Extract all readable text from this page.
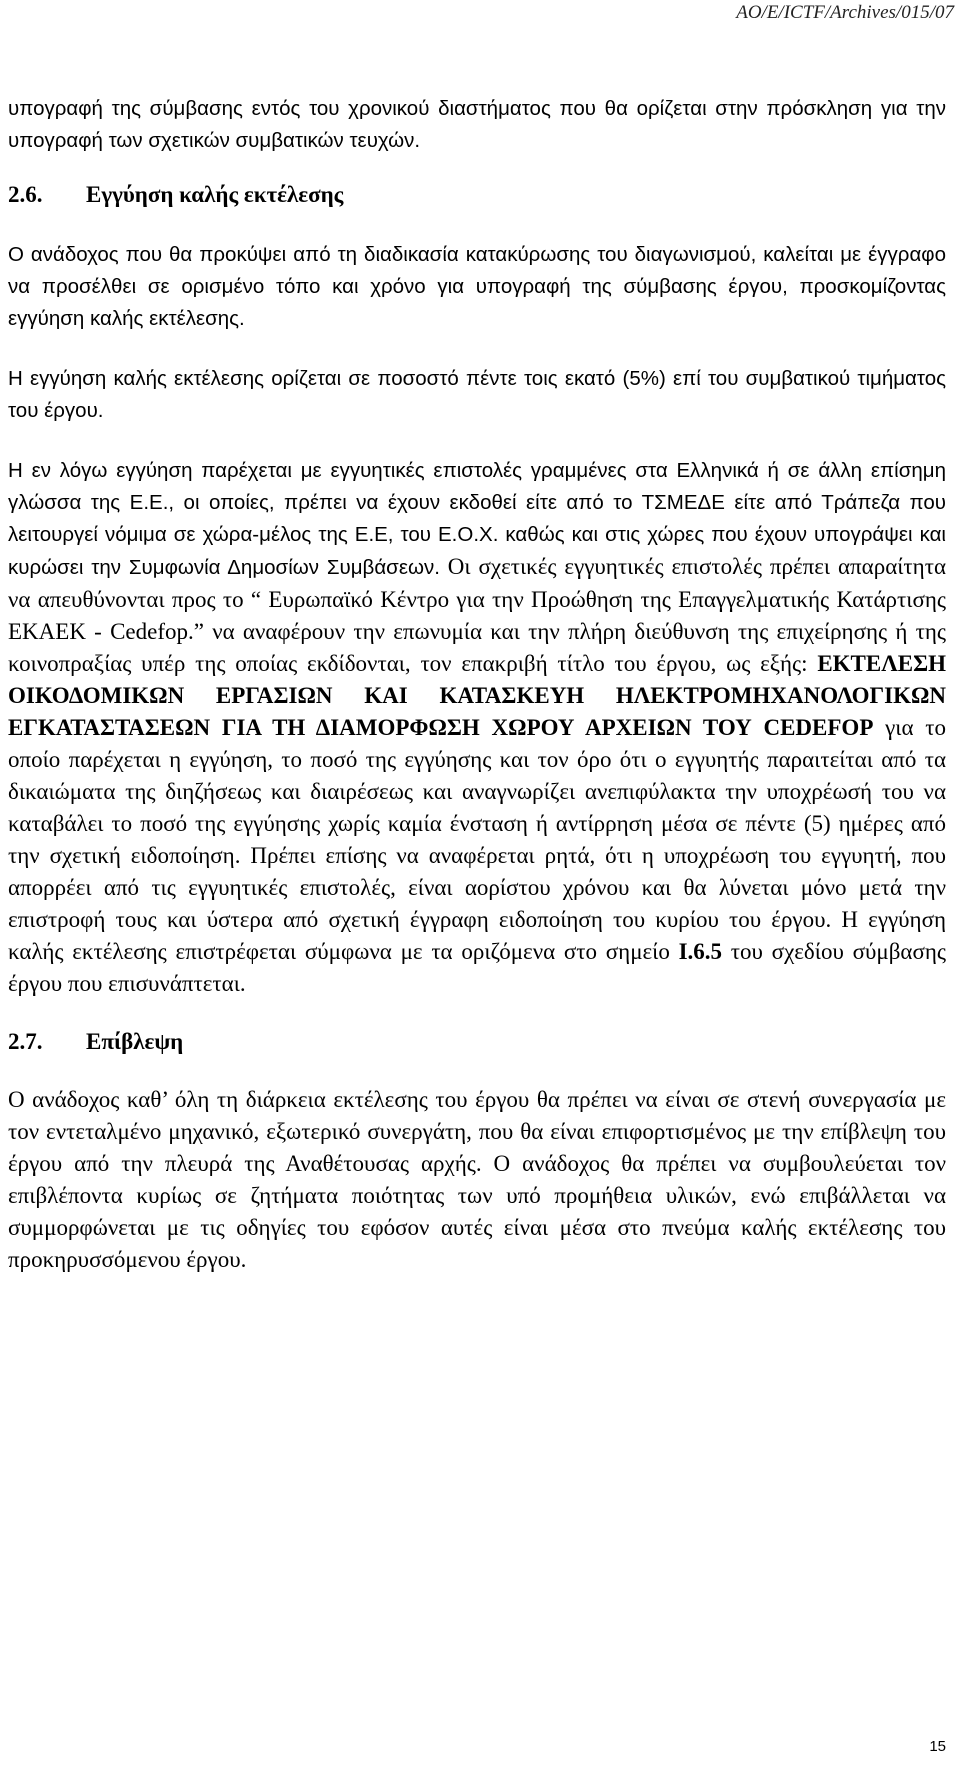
AO/E/ICTF/Archives/015/07

υπογραφή της σύμβασης εντός του χρονικού διαστήματος που θα ορίζεται στην πρόσκληση για την υπογραφή των σχετικών συμβατικών τευχών.

2.6. Εγγύηση καλής εκτέλεσης

Ο ανάδοχος που θα προκύψει από τη διαδικασία κατακύρωσης του διαγωνισμού, καλείται με έγγραφο να προσέλθει σε ορισμένο τόπο και χρόνο για υπογραφή της σύμβασης έργου, προσκομίζοντας εγγύηση καλής εκτέλεσης.

Η εγγύηση καλής εκτέλεσης ορίζεται σε ποσοστό πέντε τοις εκατό (5%) επί του συμβατικού τιμήματος του έργου.

Η εν λόγω εγγύηση παρέχεται με εγγυητικές επιστολές γραμμένες στα Ελληνικά ή σε άλλη επίσημη γλώσσα της Ε.Ε., οι οποίες, πρέπει να έχουν εκδοθεί είτε από το ΤΣΜΕΔΕ είτε από Τράπεζα που λειτουργεί νόμιμα σε χώρα-μέλος της Ε.Ε, του Ε.Ο.Χ. καθώς και στις χώρες που έχουν υπογράψει και κυρώσει την Συμφωνία Δημοσίων Συμβάσεων. Οι σχετικές εγγυητικές επιστολές πρέπει απαραίτητα να απευθύνονται προς το “ Ευρωπαϊκό Κέντρο για την Προώθηση της Επαγγελματικής Κατάρτισης ΕΚΑΕΚ - Cedefop.” να αναφέρουν την επωνυμία και την πλήρη διεύθυνση της επιχείρησης ή της κοινοπραξίας υπέρ της οποίας εκδίδονται, τον επακριβή τίτλο του έργου, ως εξής: ΕΚΤΕΛΕΣΗ ΟΙΚΟΔΟΜΙΚΩΝ ΕΡΓΑΣΙΩΝ ΚΑΙ ΚΑΤΑΣΚΕΥΗ ΗΛΕΚΤΡΟΜΗΧΑΝΟΛΟΓΙΚΩΝ ΕΓΚΑΤΑΣΤΑΣΕΩΝ ΓΙΑ ΤΗ ΔΙΑΜΟΡΦΩΣΗ ΧΩΡΟΥ ΑΡΧΕΙΩΝ ΤΟΥ CEDEFOP για το οποίο παρέχεται η εγγύηση, το ποσό της εγγύησης και τον όρο ότι ο εγγυητής παραιτείται από τα δικαιώματα της διηζήσεως και διαιρέσεως και αναγνωρίζει ανεπιφύλακτα την υποχρέωσή του να καταβάλει το ποσό της εγγύησης χωρίς καμία ένσταση ή αντίρρηση μέσα σε πέντε (5) ημέρες από την σχετική ειδοποίηση. Πρέπει επίσης να αναφέρεται ρητά, ότι η υποχρέωση του εγγυητή, που απορρέει από τις εγγυητικές επιστολές, είναι αορίστου χρόνου και θα λύνεται μόνο μετά την επιστροφή τους και ύστερα από σχετική έγγραφη ειδοποίηση του κυρίου του έργου. Η εγγύηση καλής εκτέλεσης επιστρέφεται σύμφωνα με τα οριζόμενα στο σημείο I.6.5 του σχεδίου σύμβασης έργου που επισυνάπτεται.

2.7. Επίβλεψη

Ο ανάδοχος καθ’ όλη τη διάρκεια εκτέλεσης του έργου θα πρέπει να είναι σε στενή συνεργασία με τον εντεταλμένο μηχανικό, εξωτερικό συνεργάτη, που θα είναι επιφορτισμένος με την επίβλεψη του έργου από την πλευρά της Αναθέτουσας αρχής. Ο ανάδοχος θα πρέπει να συμβουλεύεται τον επιβλέποντα κυρίως σε ζητήματα ποιότητας των υπό προμήθεια υλικών, ενώ επιβάλλεται να συμμορφώνεται με τις οδηγίες του εφόσον αυτές είναι μέσα στο πνεύμα καλής εκτέλεσης του προκηρυσσόμενου έργου.

15
